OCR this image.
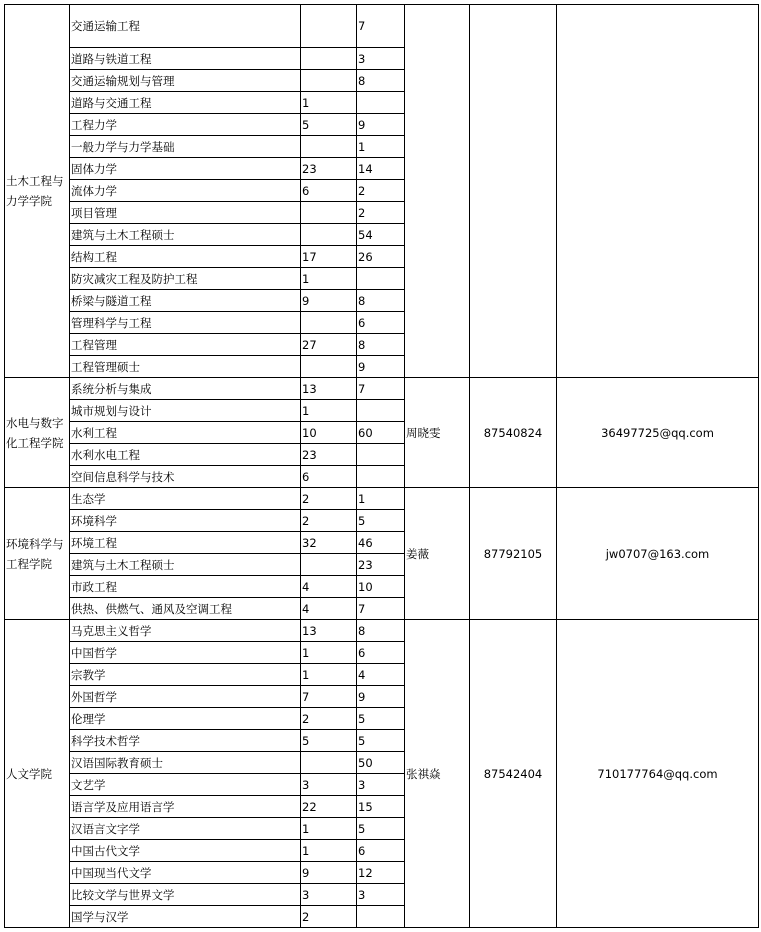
土木工程与力学学院	交通运输工程		7			
	道路与铁道工程		3			
	交通运输规划与管理		8			
	道路与交通工程	1				
	工程力学	5	9			
	一般力学与力学基础		1			
	固体力学	23	14			
	流体力学	6	2			
	项目管理		2			
	建筑与土木工程硕士		54			
	结构工程	17	26			
	防灾减灾工程及防护工程	1				
	桥梁与隧道工程	9	8			
	管理科学与工程		6			
	工程管理	27	8			
	工程管理硕士		9			
水电与数字化工程学院	系统分析与集成	13	7	周晓雯	87540824	36497725@qq.com
	城市规划与设计	1				
	水利工程	10	60			
	水利水电工程	23				
	空间信息科学与技术	6				
环境科学与工程学院	生态学	2	1	姜薇	87792105	jw0707@163.com
	环境科学	2	5			
	环境工程	32	46			
	建筑与土木工程硕士		23			
	市政工程	4	10			
	供热、供燃气、通风及空调工程	4	7			
人文学院	马克思主义哲学	13	8	张祺焱	87542404	710177764@qq.com
	中国哲学	1	6			
	宗教学	1	4			
	外国哲学	7	9			
	伦理学	2	5			
	科学技术哲学	5	5			
	汉语国际教育硕士		50			
	文艺学	3	3			
	语言学及应用语言学	22	15			
	汉语言文字学	1	5			
	中国古代文学	1	6			
	中国现当代文学	9	12			
	比较文学与世界文学	3	3			
	国学与汉学	2				
